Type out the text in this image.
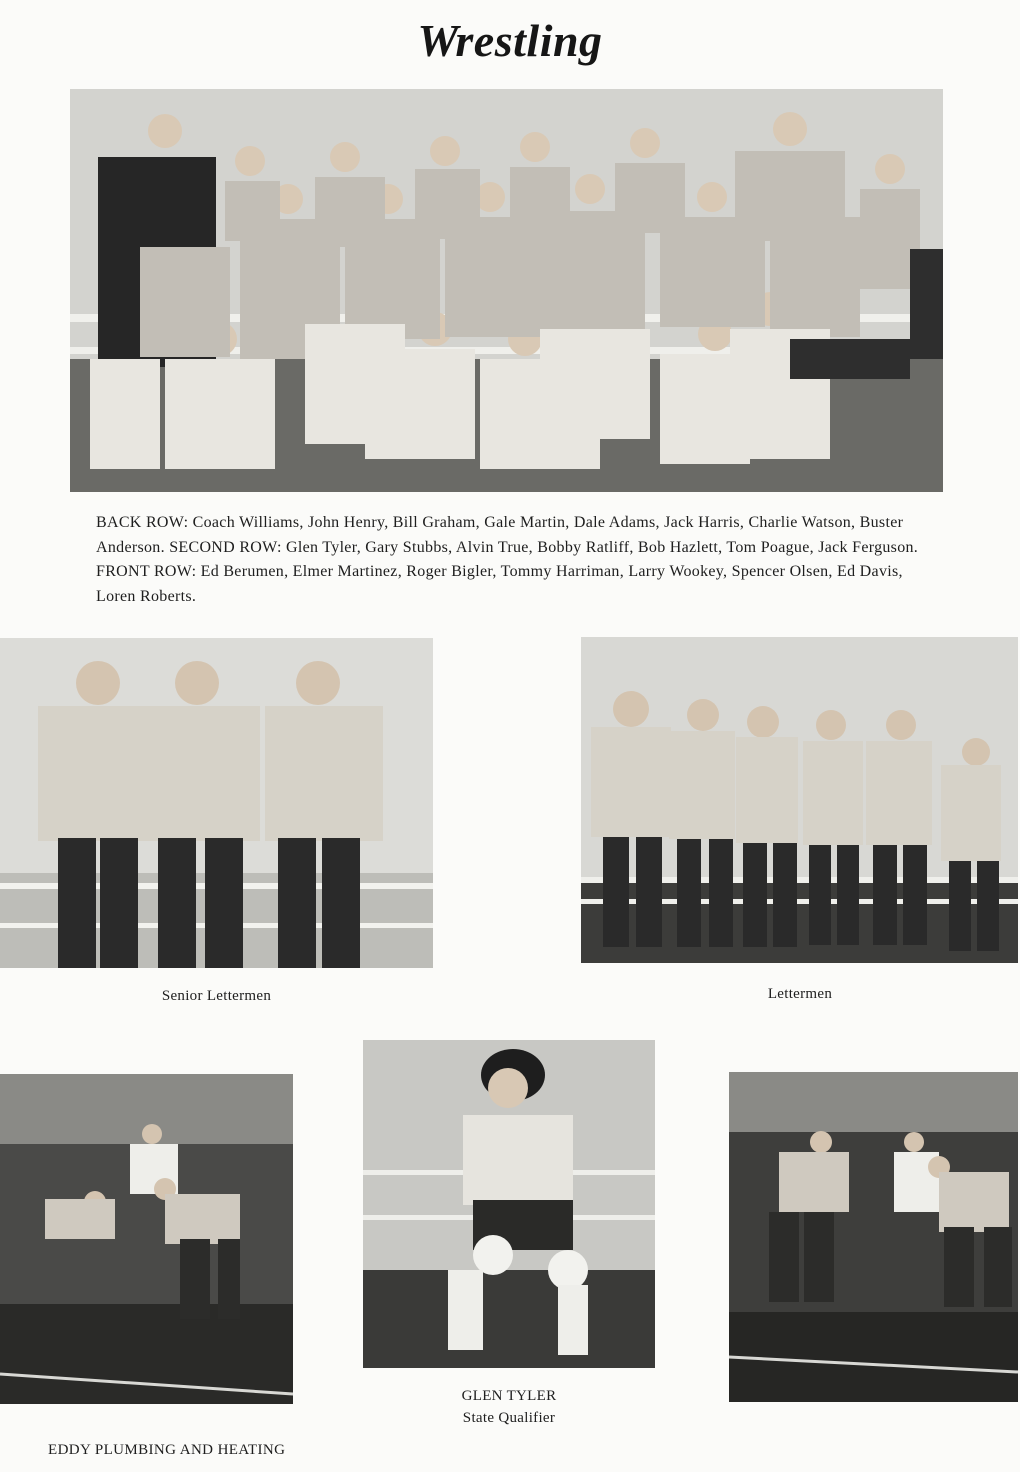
Wrestling
BACK ROW: Coach Williams, John Henry, Bill Graham, Gale Martin, Dale Adams, Jack Harris, Charlie Watson, Buster Anderson. SECOND ROW: Glen Tyler, Gary Stubbs, Alvin True, Bobby Ratliff, Bob Hazlett, Tom Poague, Jack Ferguson. FRONT ROW: Ed Berumen, Elmer Martinez, Roger Bigler, Tommy Harriman, Larry Wookey, Spencer Olsen, Ed Davis, Loren Roberts.
Senior Lettermen	Lettermen
GLEN TYLER
State Qualifier
EDDY PLUMBING AND HEATING
